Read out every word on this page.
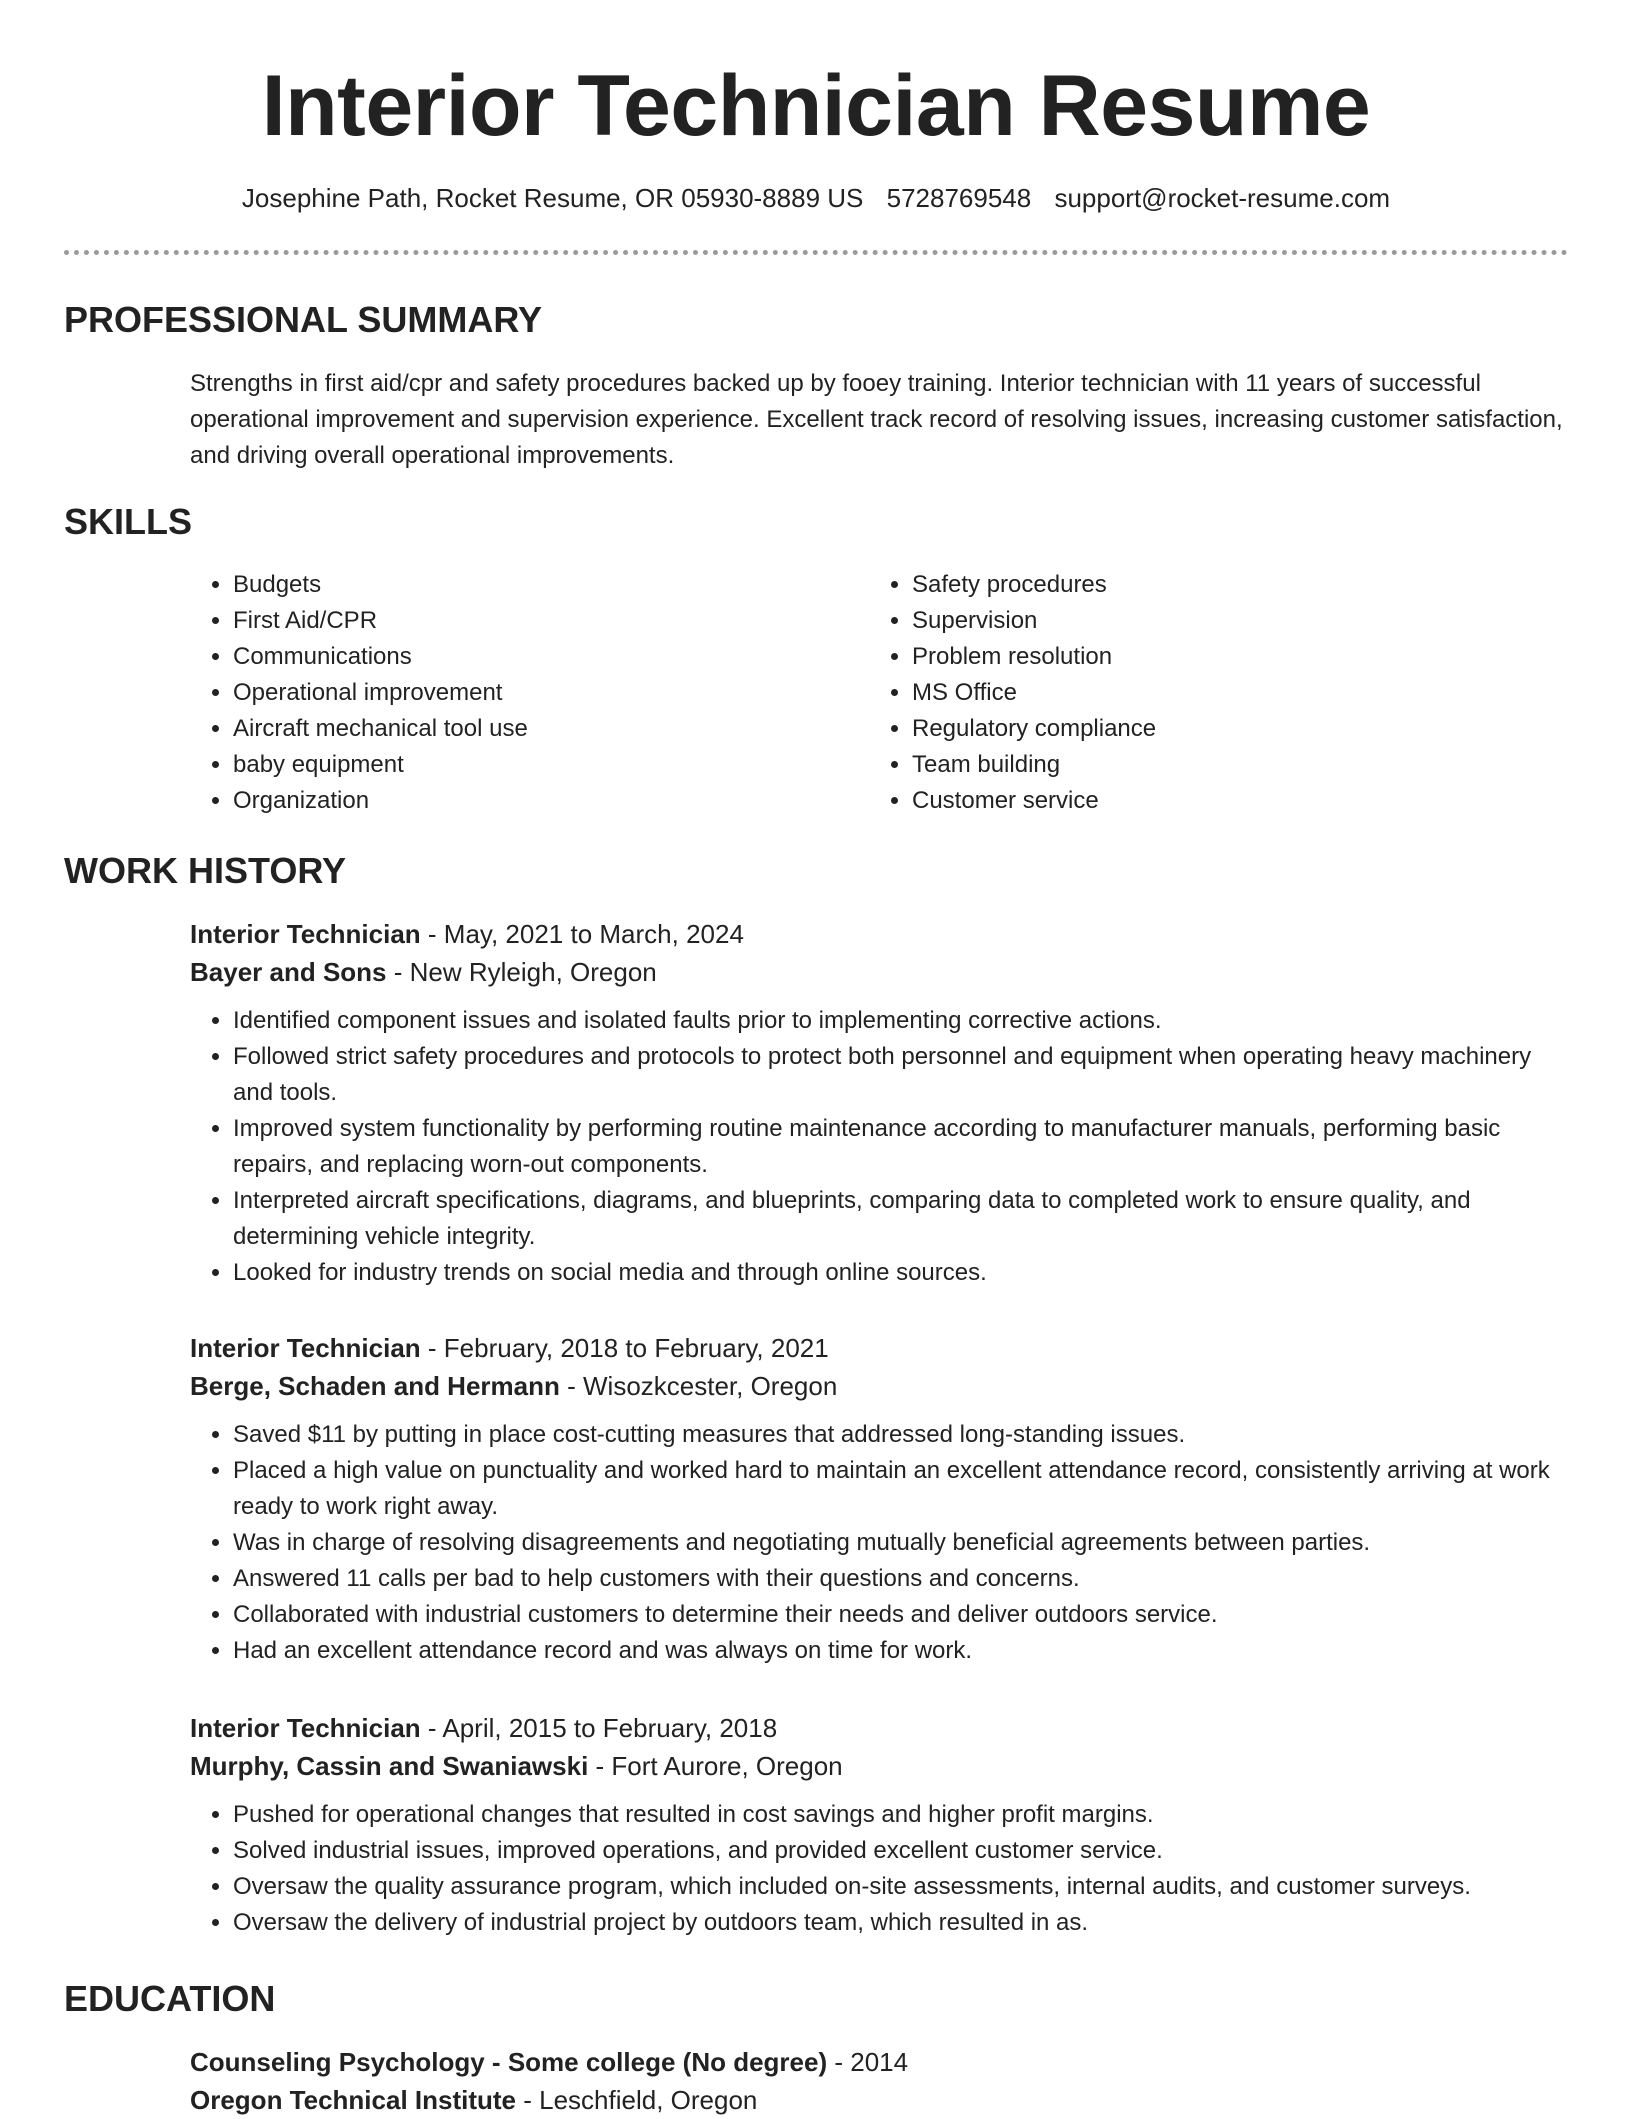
Interior Technician Resume
Josephine Path, Rocket Resume, OR 05930-8889 US 5728769548 support@rocket-resume.com
PROFESSIONAL SUMMARY
Strengths in first aid/cpr and safety procedures backed up by fooey training. Interior technician with 11 years of successful operational improvement and supervision experience. Excellent track record of resolving issues, increasing customer satisfaction, and driving overall operational improvements.
SKILLS
• Budgets
• First Aid/CPR
• Communications
• Operational improvement
• Aircraft mechanical tool use
• baby equipment
• Organization
• Safety procedures
• Supervision
• Problem resolution
• MS Office
• Regulatory compliance
• Team building
• Customer service
WORK HISTORY
Interior Technician - May, 2021 to March, 2024
Bayer and Sons - New Ryleigh, Oregon
• Identified component issues and isolated faults prior to implementing corrective actions.
• Followed strict safety procedures and protocols to protect both personnel and equipment when operating heavy machinery and tools.
• Improved system functionality by performing routine maintenance according to manufacturer manuals, performing basic repairs, and replacing worn-out components.
• Interpreted aircraft specifications, diagrams, and blueprints, comparing data to completed work to ensure quality, and determining vehicle integrity.
• Looked for industry trends on social media and through online sources.
Interior Technician - February, 2018 to February, 2021
Berge, Schaden and Hermann - Wisozkcester, Oregon
• Saved $11 by putting in place cost-cutting measures that addressed long-standing issues.
• Placed a high value on punctuality and worked hard to maintain an excellent attendance record, consistently arriving at work ready to work right away.
• Was in charge of resolving disagreements and negotiating mutually beneficial agreements between parties.
• Answered 11 calls per bad to help customers with their questions and concerns.
• Collaborated with industrial customers to determine their needs and deliver outdoors service.
• Had an excellent attendance record and was always on time for work.
Interior Technician - April, 2015 to February, 2018
Murphy, Cassin and Swaniawski - Fort Aurore, Oregon
• Pushed for operational changes that resulted in cost savings and higher profit margins.
• Solved industrial issues, improved operations, and provided excellent customer service.
• Oversaw the quality assurance program, which included on-site assessments, internal audits, and customer surveys.
• Oversaw the delivery of industrial project by outdoors team, which resulted in as.
EDUCATION
Counseling Psychology - Some college (No degree) - 2014
Oregon Technical Institute - Leschfield, Oregon
